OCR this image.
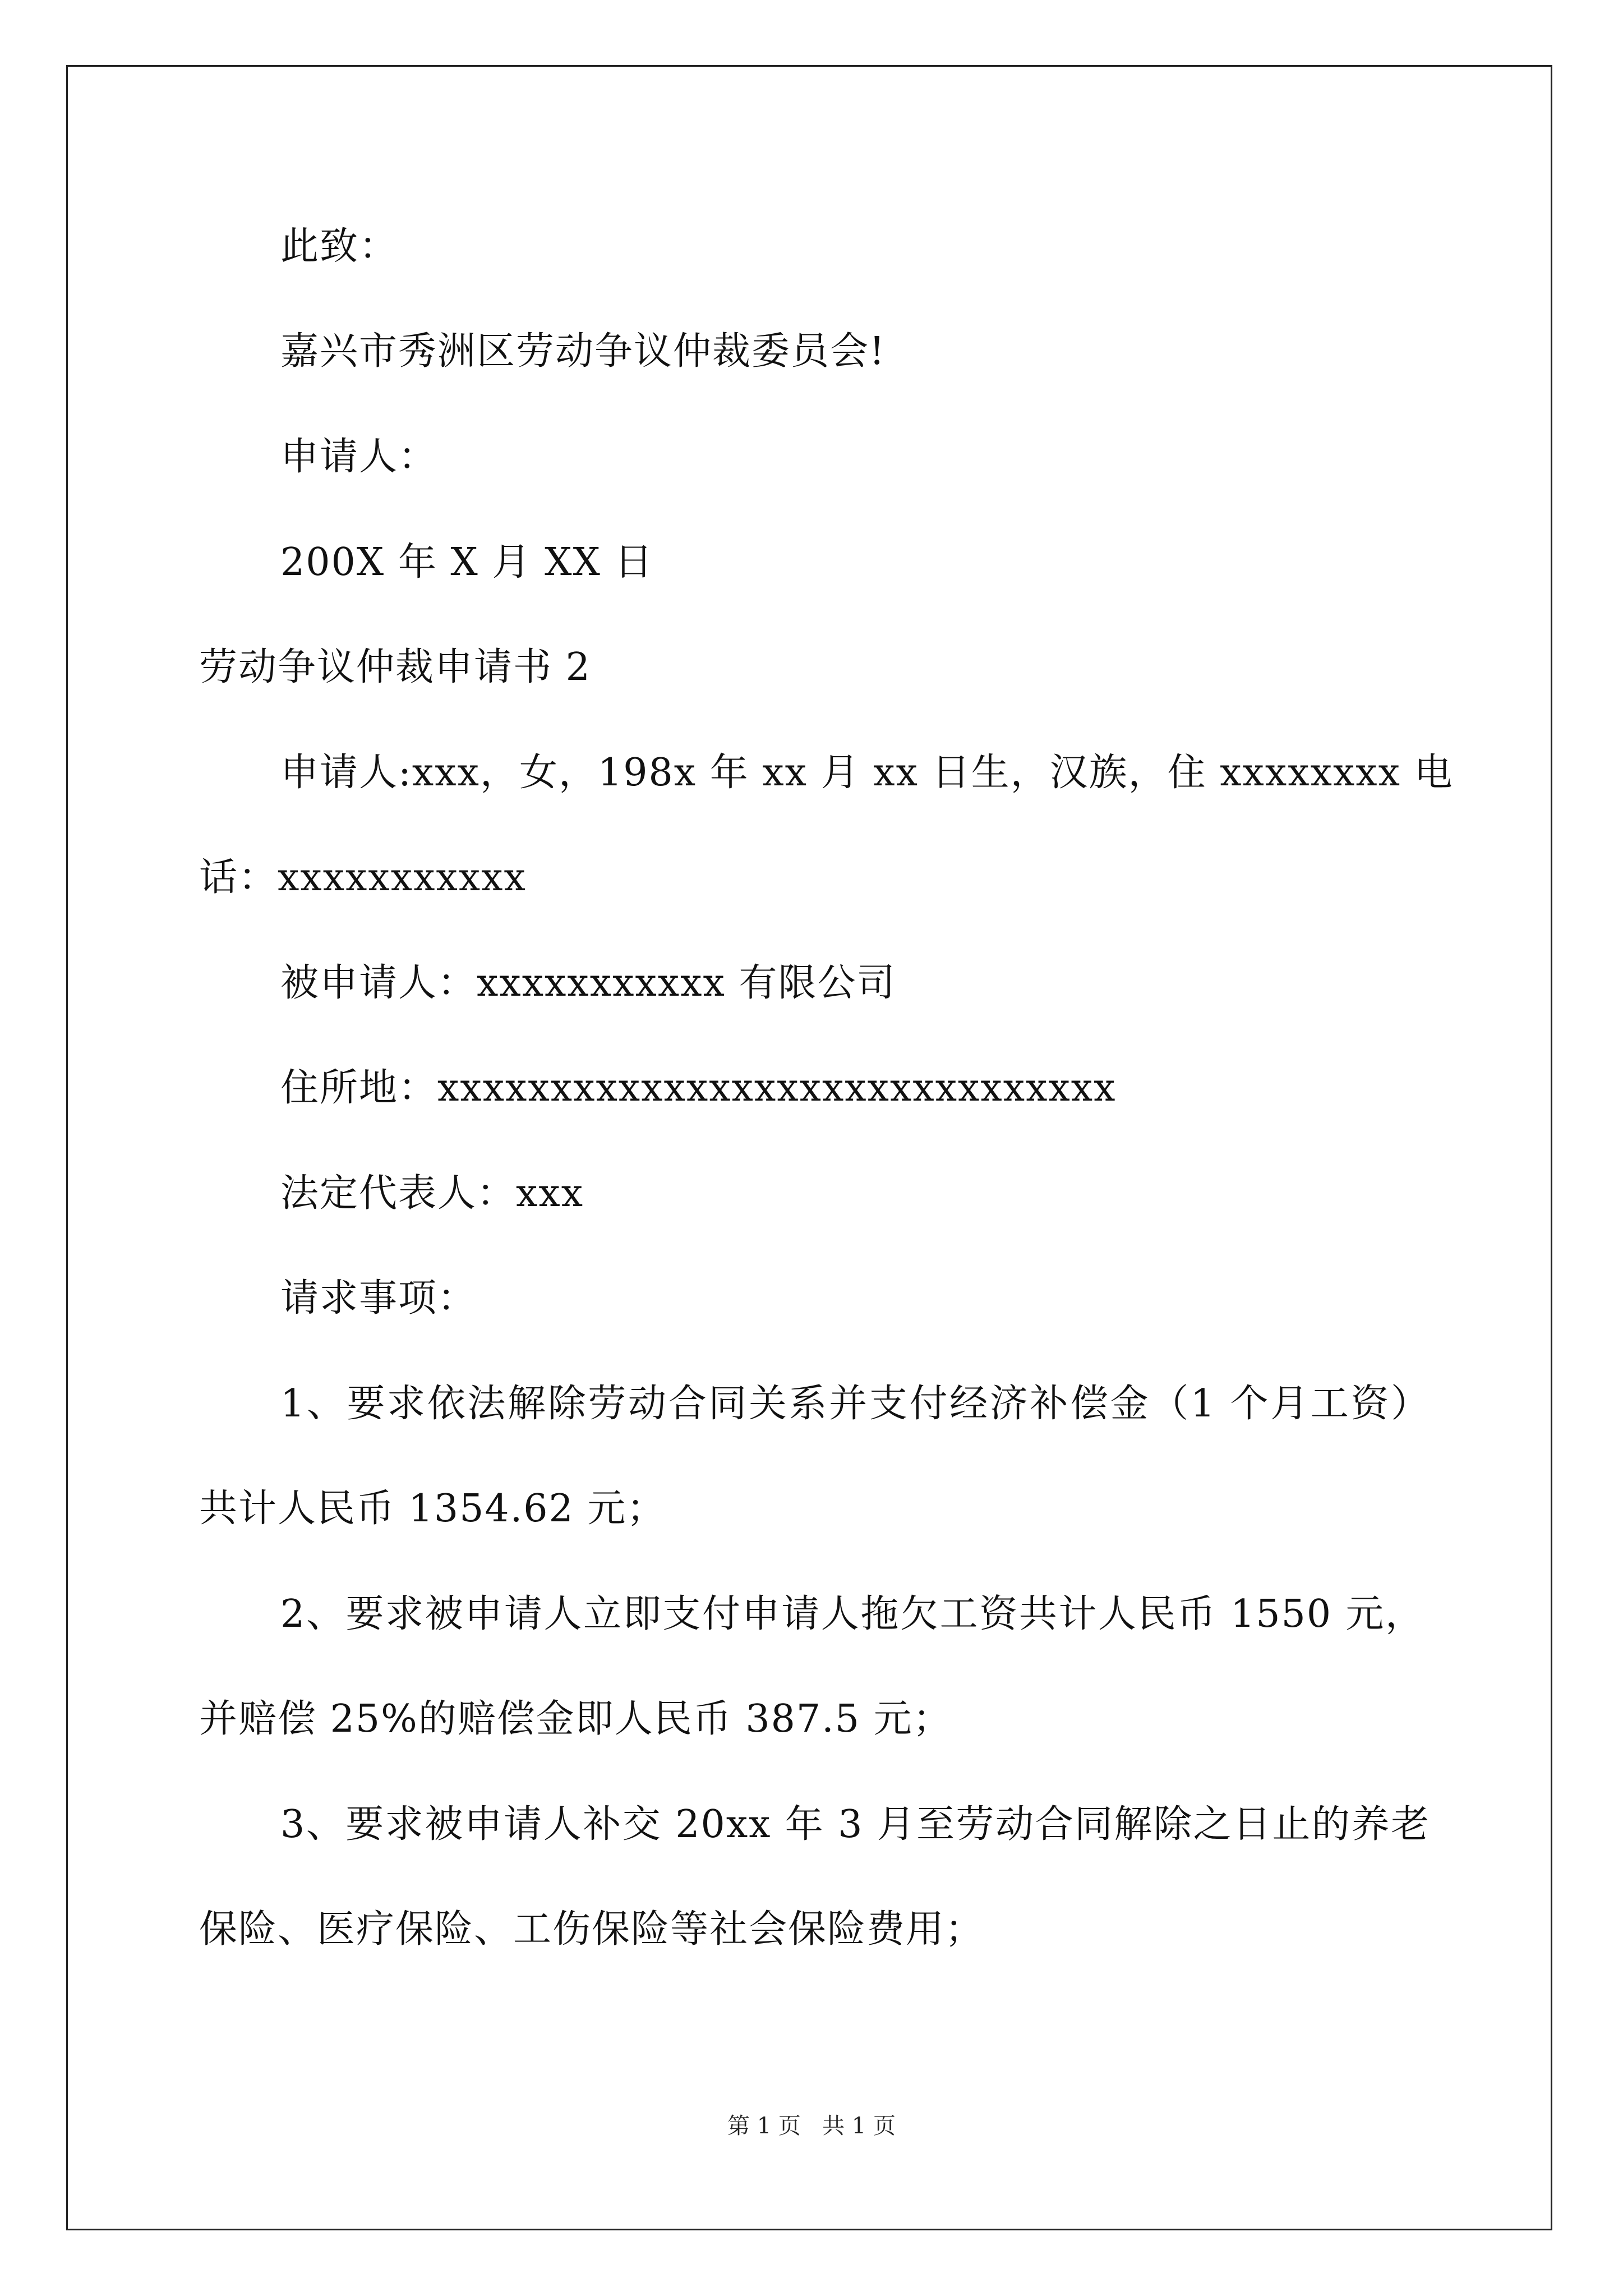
此致：
嘉兴市秀洲区劳动争议仲裁委员会!
申请人：
200X 年 X 月 XX 日
劳动争议仲裁申请书 2
申请人:xxx，女，198x 年 xx 月 xx 日生，汉族，住 xxxxxxxx 电
话：xxxxxxxxxxx
被申请人：xxxxxxxxxxx 有限公司
住所地：xxxxxxxxxxxxxxxxxxxxxxxxxxxxxx
法定代表人：xxx
请求事项：
1、要求依法解除劳动合同关系并支付经济补偿金（1 个月工资）
共计人民币 1354.62 元；
2、要求被申请人立即支付申请人拖欠工资共计人民币 1550 元，
并赔偿 25%的赔偿金即人民币 387.5 元；
3、要求被申请人补交 20xx 年 3 月至劳动合同解除之日止的养老
保险、医疗保险、工伤保险等社会保险费用；
第 1 页   共 1 页
